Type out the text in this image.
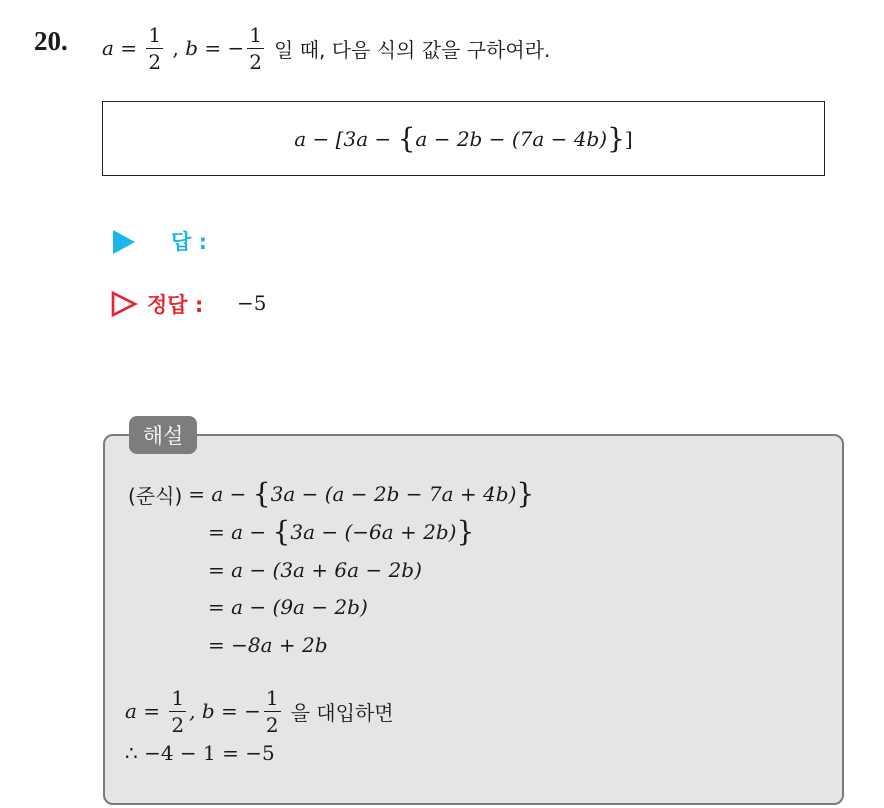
20. $a = \frac{1}{2}$ , b = − $\frac{1}{2}$ 일 때, 다음 식의 값을 구하여라.
a − [3a − { a − 2b − (7a − 4b) } ]
답 :
정답 : −5
해설
(준식) = a − { 3a − (a − 2b − 7a + 4b) }
= a − { 3a − (−6a + 2b) }
= a − (3a + 6a − 2b)
= a − (9a − 2b)
= −8a + 2b
$a = \frac{1}{2}$ , b = − $\frac{1}{2}$ 을 대입하면
∴ −4 − 1 = −5
